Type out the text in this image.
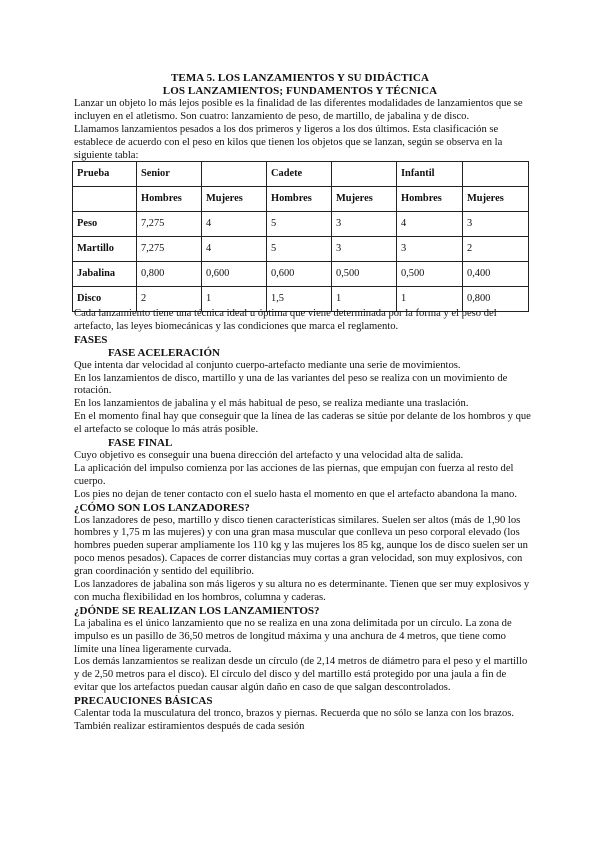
TEMA 5. LOS LANZAMIENTOS Y SU DIDÁCTICA
LOS LANZAMIENTOS; FUNDAMENTOS Y TÉCNICA

Lanzar un objeto lo más lejos posible es la finalidad de las diferentes modalidades de lanzamientos que se incluyen en el atletismo. Son cuatro: lanzamiento de peso, de martillo, de jabalina y de disco.

Llamamos lanzamientos pesados a los dos primeros y ligeros a los dos últimos. Esta clasificación se establece de acuerdo con el peso en kilos que tienen los objetos que se lanzan, según se observa en la siguiente tabla:

Prueba	Senior		Cadete		Infantil	
	Hombres	Mujeres	Hombres	Mujeres	Hombres	Mujeres
Peso	7,275	4	5	3	4	3
Martillo	7,275	4	5	3	3	2
Jabalina	0,800	0,600	0,600	0,500	0,500	0,400
Disco	2	1	1,5	1	1	0,800

Cada lanzamiento tiene una técnica ideal u óptima que viene determinada por la forma y el peso del artefacto, las leyes biomecánicas y las condiciones que marca el reglamento.

FASES

FASE ACELERACIÓN

Que intenta dar velocidad al conjunto cuerpo-artefacto mediante una serie de movimientos.

En los lanzamientos de disco, martillo y una de las variantes del peso se realiza con un movimiento de rotación.

En los lanzamientos de jabalina y el más habitual de peso, se realiza mediante una traslación.

En el momento final hay que conseguir que la línea de las caderas se sitúe por delante de los hombros y que el artefacto se coloque lo más atrás posible.

FASE FINAL

Cuyo objetivo es conseguir una buena dirección del artefacto y una velocidad alta de salida.

La aplicación del impulso comienza por las acciones de las piernas, que empujan con fuerza al resto del cuerpo.

Los pies no dejan de tener contacto con el suelo hasta el momento en que el artefacto abandona la mano.

¿CÓMO SON LOS LANZADORES?

Los lanzadores de peso, martillo y disco tienen características similares. Suelen ser altos (más de 1,90 los hombres y 1,75 m las mujeres) y con una gran masa muscular que conlleva un peso corporal elevado (los hombres pueden superar ampliamente los 110 kg y las mujeres los 85 kg, aunque los de disco suelen ser un poco menos pesados). Capaces de correr distancias muy cortas a gran velocidad, son muy explosivos, con gran coordinación y sentido del equilibrio.

Los lanzadores de jabalina son más ligeros y su altura no es determinante. Tienen que ser muy explosivos y con mucha flexibilidad en los hombros, columna y caderas.

¿DÓNDE SE REALIZAN LOS LANZAMIENTOS?

La jabalina es el único lanzamiento que no se realiza en una zona delimitada por un círculo. La zona de impulso es un pasillo de 36,50 metros de longitud máxima y una anchura de 4 metros, que tiene como límite una línea ligeramente curvada.

Los demás lanzamientos se realizan desde un círculo (de 2,14 metros de diámetro para el peso y el martillo y de 2,50 metros para el disco). El círculo del disco y del martillo está protegido por una jaula a fin de evitar que los artefactos puedan causar algún daño en caso de que salgan descontrolados.

PRECAUCIONES BÁSICAS

Calentar toda la musculatura del tronco, brazos y piernas. Recuerda que no sólo se lanza con los brazos. También realizar estiramientos después de cada sesión
